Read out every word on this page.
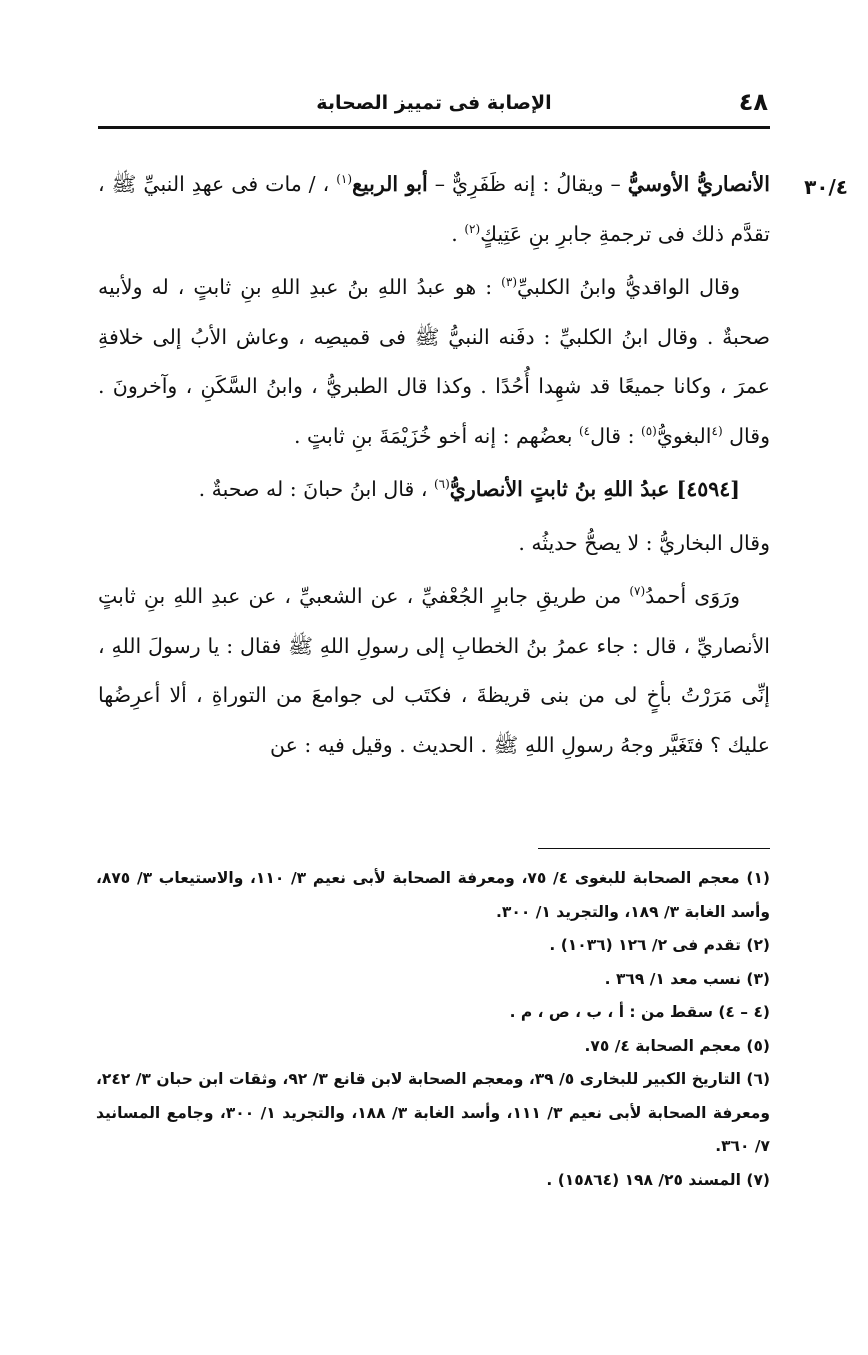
٤٨
الإصابة فى تمييز الصحابة
٣٠/٤

الأنصاريُّ الأوسيُّ – ويقالُ : إنه ظَفَرِيٌّ – أبو الربيع$^{(١)}$ ، / مات فى عهدِ النبيِّ ﷺ ، تقدَّم ذلك فى ترجمةِ جابرِ بنِ عَتِيكٍ$^{(٢)}$ .

وقال الواقديُّ وابنُ الكلبيِّ$^{(٣)}$ : هو عبدُ اللهِ بنُ عبدِ اللهِ بنِ ثابتٍ ، له ولأبيه صحبةٌ . وقال ابنُ الكلبيِّ : دفَنه النبيُّ ﷺ فى قميصِه ، وعاش الأبُ إلى خلافةِ عمرَ ، وكانا جميعًا قد شهِدا أُحُدًا . وكذا قال الطبريُّ ، وابنُ السَّكَنِ ، وآخرونَ . وقال $^{(٤}$البغويُّ$^{(٥)}$ : قال$^{٤)}$ بعضُهم : إنه أخو خُزَيْمَةَ بنِ ثابتٍ .

[٤٥٩٤] عبدُ اللهِ بنُ ثابتٍ الأنصاريُّ$^{(٦)}$ ، قال ابنُ حبانَ : له صحبةٌ .

وقال البخاريُّ : لا يصحُّ حديثُه .

ورَوَى أحمدُ$^{(٧)}$ من طريقِ جابرٍ الجُعْفيِّ ، عن الشعبيِّ ، عن عبدِ اللهِ بنِ ثابتٍ الأنصاريِّ ، قال : جاء عمرُ بنُ الخطابِ إلى رسولِ اللهِ ﷺ فقال : يا رسولَ اللهِ ، إنِّى مَرَرْتُ بأخٍ لى من بنى قريظةَ ، فكتَب لى جوامعَ من التوراةِ ، ألا أعرِضُها عليك ؟ فتَغَيَّر وجهُ رسولِ اللهِ ﷺ . الحديث . وقيل فيه : عن

(١) معجم الصحابة للبغوى ٤/ ٧٥، ومعرفة الصحابة لأبى نعيم ٣/ ١١٠، والاستيعاب ٣/ ٨٧٥، وأسد الغابة ٣/ ١٨٩، والتجريد ١/ ٣٠٠.

(٢) تقدم فى ٢/ ١٢٦ (١٠٣٦) .

(٣) نسب معد ١/ ٣٦٩ .

(٤ – ٤) سقط من : أ ، ب ، ص ، م .

(٥) معجم الصحابة ٤/ ٧٥.

(٦) التاريخ الكبير للبخارى ٥/ ٣٩، ومعجم الصحابة لابن قانع ٣/ ٩٢، وثقات ابن حبان ٣/ ٢٤٢، ومعرفة الصحابة لأبى نعيم ٣/ ١١١، وأسد الغابة ٣/ ١٨٨، والتجريد ١/ ٣٠٠، وجامع المسانيد ٧/ ٣٦٠.

(٧) المسند ٢٥/ ١٩٨ (١٥٨٦٤) .
